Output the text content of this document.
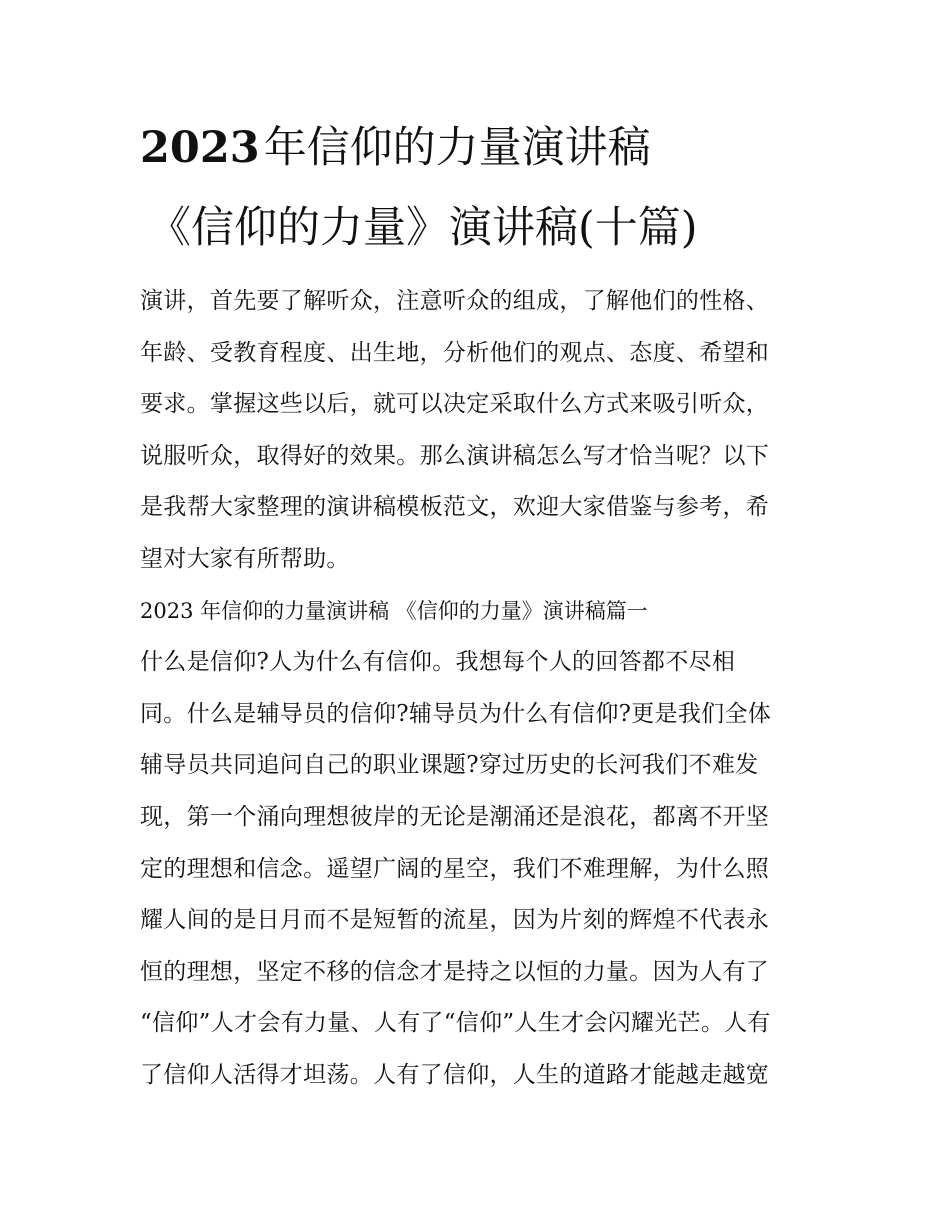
2023年信仰的力量演讲稿
《信仰的力量》演讲稿(十篇)
演讲，首先要了解听众，注意听众的组成，了解他们的性格、
年龄、受教育程度、出生地，分析他们的观点、态度、希望和
要求。掌握这些以后，就可以决定采取什么方式来吸引听众，
说服听众，取得好的效果。那么演讲稿怎么写才恰当呢？以下
是我帮大家整理的演讲稿模板范文，欢迎大家借鉴与参考，希
望对大家有所帮助。
2023 年信仰的力量演讲稿 《信仰的力量》演讲稿篇一
什么是信仰?人为什么有信仰。我想每个人的回答都不尽相
同。什么是辅导员的信仰?辅导员为什么有信仰?更是我们全体
辅导员共同追问自己的职业课题?穿过历史的长河我们不难发
现，第一个涌向理想彼岸的无论是潮涌还是浪花，都离不开坚
定的理想和信念。遥望广阔的星空，我们不难理解，为什么照
耀人间的是日月而不是短暂的流星，因为片刻的辉煌不代表永
恒的理想，坚定不移的信念才是持之以恒的力量。因为人有了
“信仰”人才会有力量、人有了“信仰”人生才会闪耀光芒。人有
了信仰人活得才坦荡。人有了信仰，人生的道路才能越走越宽
